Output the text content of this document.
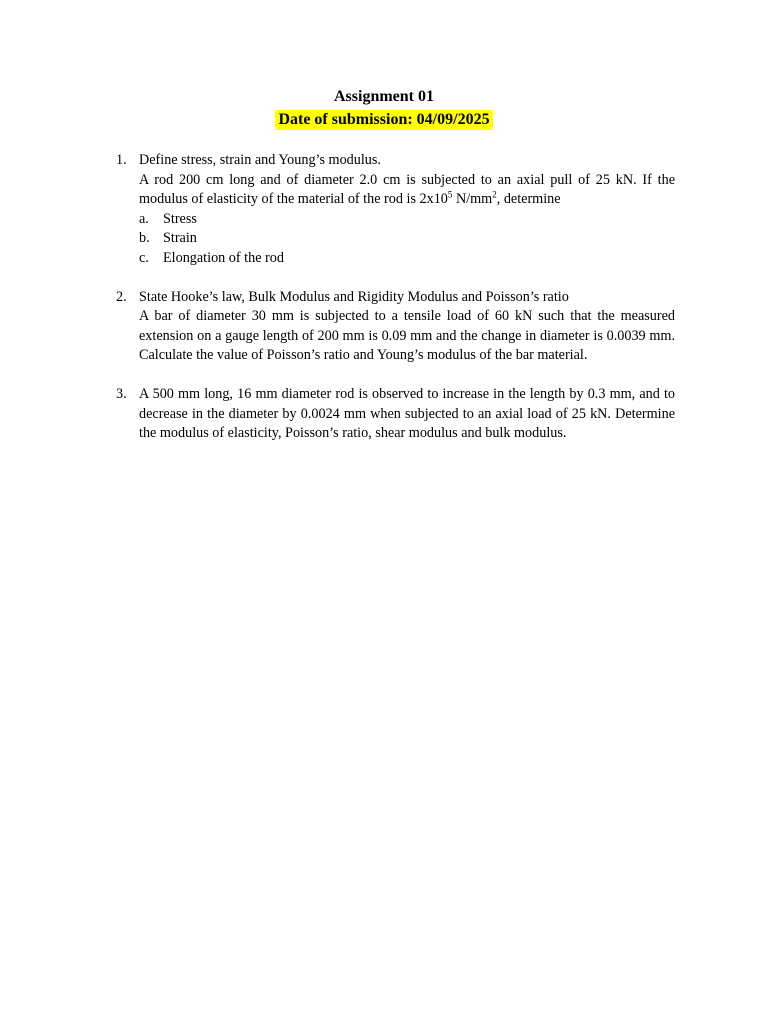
Assignment 01
Date of submission: 04/09/2025
1. Define stress, strain and Young’s modulus.
A rod 200 cm long and of diameter 2.0 cm is subjected to an axial pull of 25 kN. If the modulus of elasticity of the material of the rod is $2x10^5$ $N/mm^2$, determine
a. Stress
b. Strain
c. Elongation of the rod
2. State Hooke’s law, Bulk Modulus and Rigidity Modulus and Poisson’s ratio
A bar of diameter 30 mm is subjected to a tensile load of 60 kN such that the measured extension on a gauge length of 200 mm is 0.09 mm and the change in diameter is 0.0039 mm. Calculate the value of Poisson’s ratio and Young’s modulus of the bar material.
3. A 500 mm long, 16 mm diameter rod is observed to increase in the length by 0.3 mm, and to decrease in the diameter by 0.0024 mm when subjected to an axial load of 25 kN. Determine the modulus of elasticity, Poisson’s ratio, shear modulus and bulk modulus.
